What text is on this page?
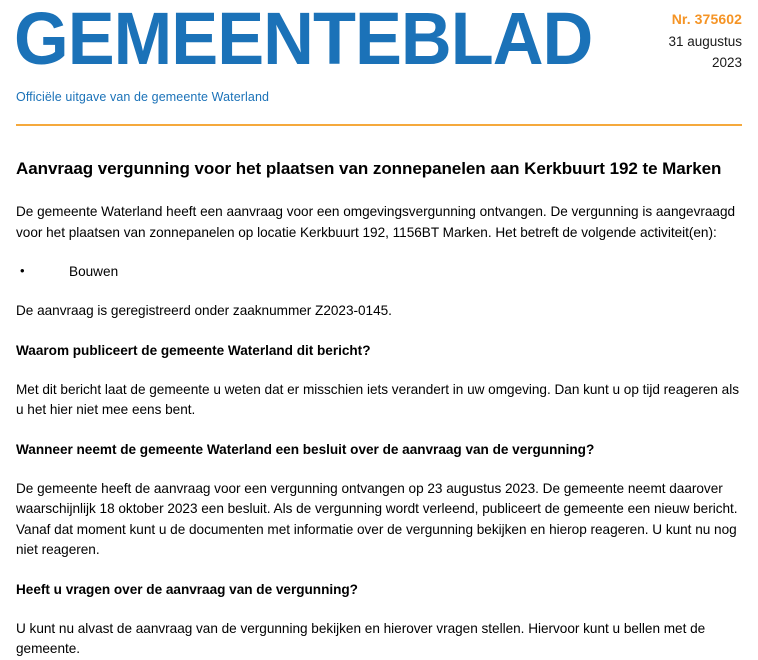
GEMEENTEBLAD
Officiële uitgave van de gemeente Waterland
Nr. 375602
31 augustus
2023
Aanvraag vergunning voor het plaatsen van zonnepanelen aan Kerkbuurt 192 te Marken

De gemeente Waterland heeft een aanvraag voor een omgevingsvergunning ontvangen. De vergunning is aangevraagd voor het plaatsen van zonnepanelen op locatie Kerkbuurt 192, 1156BT Marken. Het betreft de volgende activiteit(en):

• Bouwen

De aanvraag is geregistreerd onder zaaknummer Z2023-0145.

Waarom publiceert de gemeente Waterland dit bericht?

Met dit bericht laat de gemeente u weten dat er misschien iets verandert in uw omgeving. Dan kunt u op tijd reageren als u het hier niet mee eens bent.

Wanneer neemt de gemeente Waterland een besluit over de aanvraag van de vergunning?

De gemeente heeft de aanvraag voor een vergunning ontvangen op 23 augustus 2023. De gemeente neemt daarover waarschijnlijk 18 oktober 2023 een besluit. Als de vergunning wordt verleend, publiceert de gemeente een nieuw bericht. Vanaf dat moment kunt u de documenten met informatie over de vergunning bekijken en hierop reageren. U kunt nu nog niet reageren.

Heeft u vragen over de aanvraag van de vergunning?

U kunt nu alvast de aanvraag van de vergunning bekijken en hierover vragen stellen. Hiervoor kunt u bellen met de gemeente.
